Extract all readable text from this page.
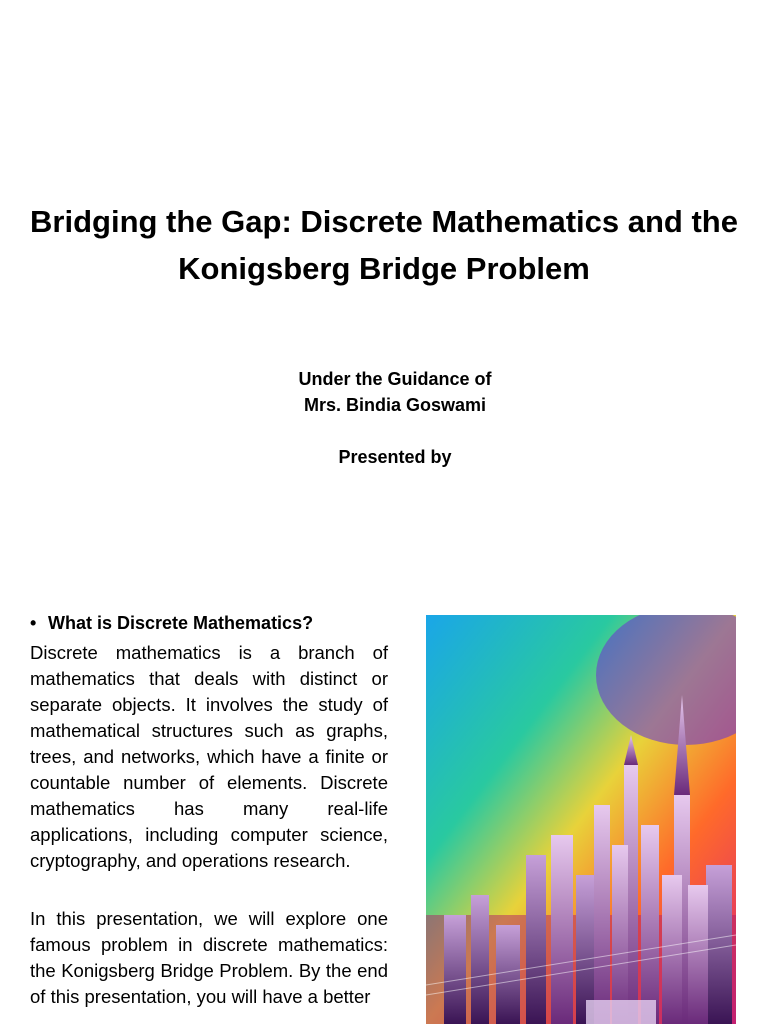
Bridging the Gap: Discrete Mathematics and the Konigsberg Bridge Problem
Under the Guidance of
Mrs. Bindia Goswami
Presented by
• What is Discrete Mathematics?

Discrete mathematics is a branch of mathematics that deals with distinct or separate objects. It involves the study of mathematical structures such as graphs, trees, and networks, which have a finite or countable number of elements. Discrete mathematics has many real-life applications, including computer science, cryptography, and operations research.

In this presentation, we will explore one famous problem in discrete mathematics: the Konigsberg Bridge Problem. By the end of this presentation, you will have a better
